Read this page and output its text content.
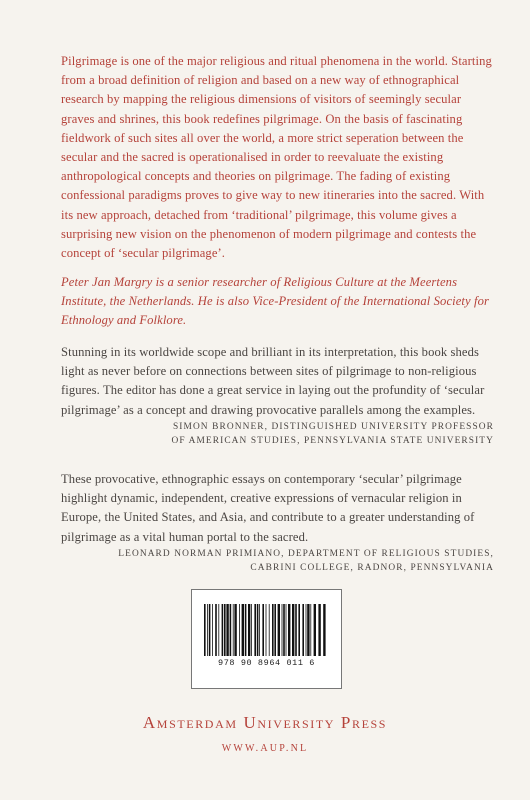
Pilgrimage is one of the major religious and ritual phenomena in the world. Starting from a broad definition of religion and based on a new way of ethnographical research by mapping the religious dimensions of visitors of seemingly secular graves and shrines, this book redefines pilgrimage. On the basis of fascinating fieldwork of such sites all over the world, a more strict seperation between the secular and the sacred is operationalised in order to reevaluate the existing anthropological concepts and theories on pilgrimage. The fading of existing confessional paradigms proves to give way to new itineraries into the sacred. With its new approach, detached from ‘traditional’ pilgrimage, this volume gives a surprising new vision on the phenomenon of modern pilgrimage and contests the concept of ‘secular pilgrimage’.

Peter Jan Margry is a senior researcher of Religious Culture at the Meertens Institute, the Netherlands. He is also Vice-President of the International Society for Ethnology and Folklore.

Stunning in its worldwide scope and brilliant in its interpretation, this book sheds light as never before on connections between sites of pilgrimage to non-religious figures. The editor has done a great service in laying out the profundity of ‘secular pilgrimage’ as a concept and drawing provocative parallels among the examples.

SIMON BRONNER, DISTINGUISHED UNIVERSITY PROFESSOR
OF AMERICAN STUDIES, PENNSYLVANIA STATE UNIVERSITY

These provocative, ethnographic essays on contemporary ‘secular’ pilgrimage highlight dynamic, independent, creative expressions of vernacular religion in Europe, the United States, and Asia, and contribute to a greater understanding of pilgrimage as a vital human portal to the sacred.

LEONARD NORMAN PRIMIANO, DEPARTMENT OF RELIGIOUS STUDIES,
CABRINI COLLEGE, RADNOR, PENNSYLVANIA
978 90 8964 011 6
Amsterdam University Press
WWW.AUP.NL
